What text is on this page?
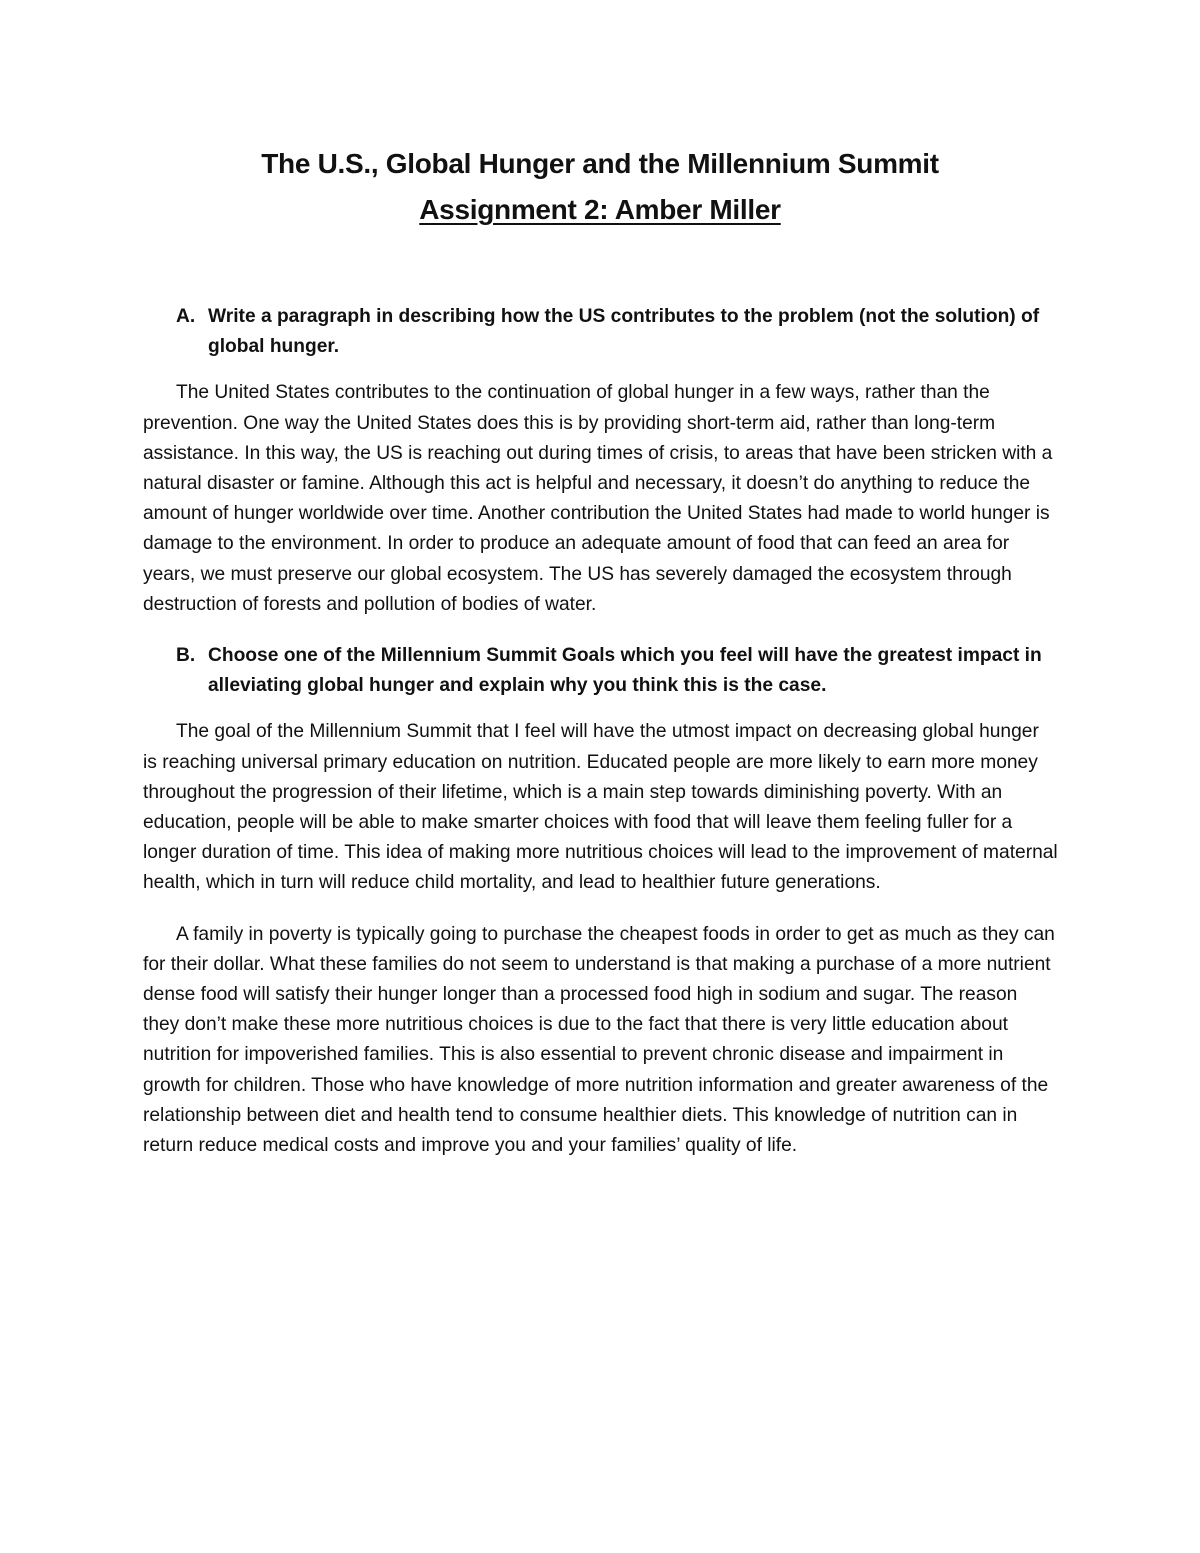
The U.S., Global Hunger and the Millennium Summit
Assignment 2: Amber Miller
A. Write a paragraph in describing how the US contributes to the problem (not the solution) of global hunger.

The United States contributes to the continuation of global hunger in a few ways, rather than the prevention. One way the United States does this is by providing short-term aid, rather than long-term assistance. In this way, the US is reaching out during times of crisis, to areas that have been stricken with a natural disaster or famine. Although this act is helpful and necessary, it doesn’t do anything to reduce the amount of hunger worldwide over time. Another contribution the United States had made to world hunger is damage to the environment. In order to produce an adequate amount of food that can feed an area for years, we must preserve our global ecosystem. The US has severely damaged the ecosystem through destruction of forests and pollution of bodies of water.

B. Choose one of the Millennium Summit Goals which you feel will have the greatest impact in alleviating global hunger and explain why you think this is the case.

The goal of the Millennium Summit that I feel will have the utmost impact on decreasing global hunger is reaching universal primary education on nutrition. Educated people are more likely to earn more money throughout the progression of their lifetime, which is a main step towards diminishing poverty. With an education, people will be able to make smarter choices with food that will leave them feeling fuller for a longer duration of time. This idea of making more nutritious choices will lead to the improvement of maternal health, which in turn will reduce child mortality, and lead to healthier future generations.

A family in poverty is typically going to purchase the cheapest foods in order to get as much as they can for their dollar. What these families do not seem to understand is that making a purchase of a more nutrient dense food will satisfy their hunger longer than a processed food high in sodium and sugar. The reason they don’t make these more nutritious choices is due to the fact that there is very little education about nutrition for impoverished families. This is also essential to prevent chronic disease and impairment in growth for children. Those who have knowledge of more nutrition information and greater awareness of the relationship between diet and health tend to consume healthier diets. This knowledge of nutrition can in return reduce medical costs and improve you and your families’ quality of life.
